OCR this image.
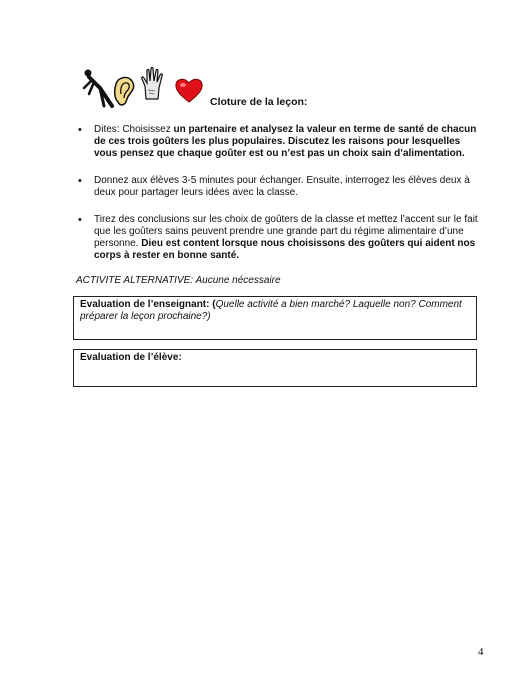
Cloture de la leçon:
• Dites: Choisissez un partenaire et analysez la valeur en terme de santé de chacun de ces trois goûters les plus populaires. Discutez les raisons pour lesquelles vous pensez que chaque goûter est ou n’est pas un choix sain d’alimentation.
• Donnez aux élèves 3-5 minutes pour échanger. Ensuite, interrogez les élèves deux à deux pour partager leurs idées avec la classe.
• Tirez des conclusions sur les choix de goûters de la classe et mettez l’accent sur le fait que les goûters sains peuvent prendre une grande part du régime alimentaire d’une personne. Dieu est content lorsque nous choisissons des goûters qui aident nos corps à rester en bonne santé.
ACTIVITE ALTERNATIVE: Aucune nécessaire
Evaluation de l’enseignant: (Quelle activité a bien marché? Laquelle non? Comment préparer la leçon prochaine?)
Evaluation de l’élève:
4
